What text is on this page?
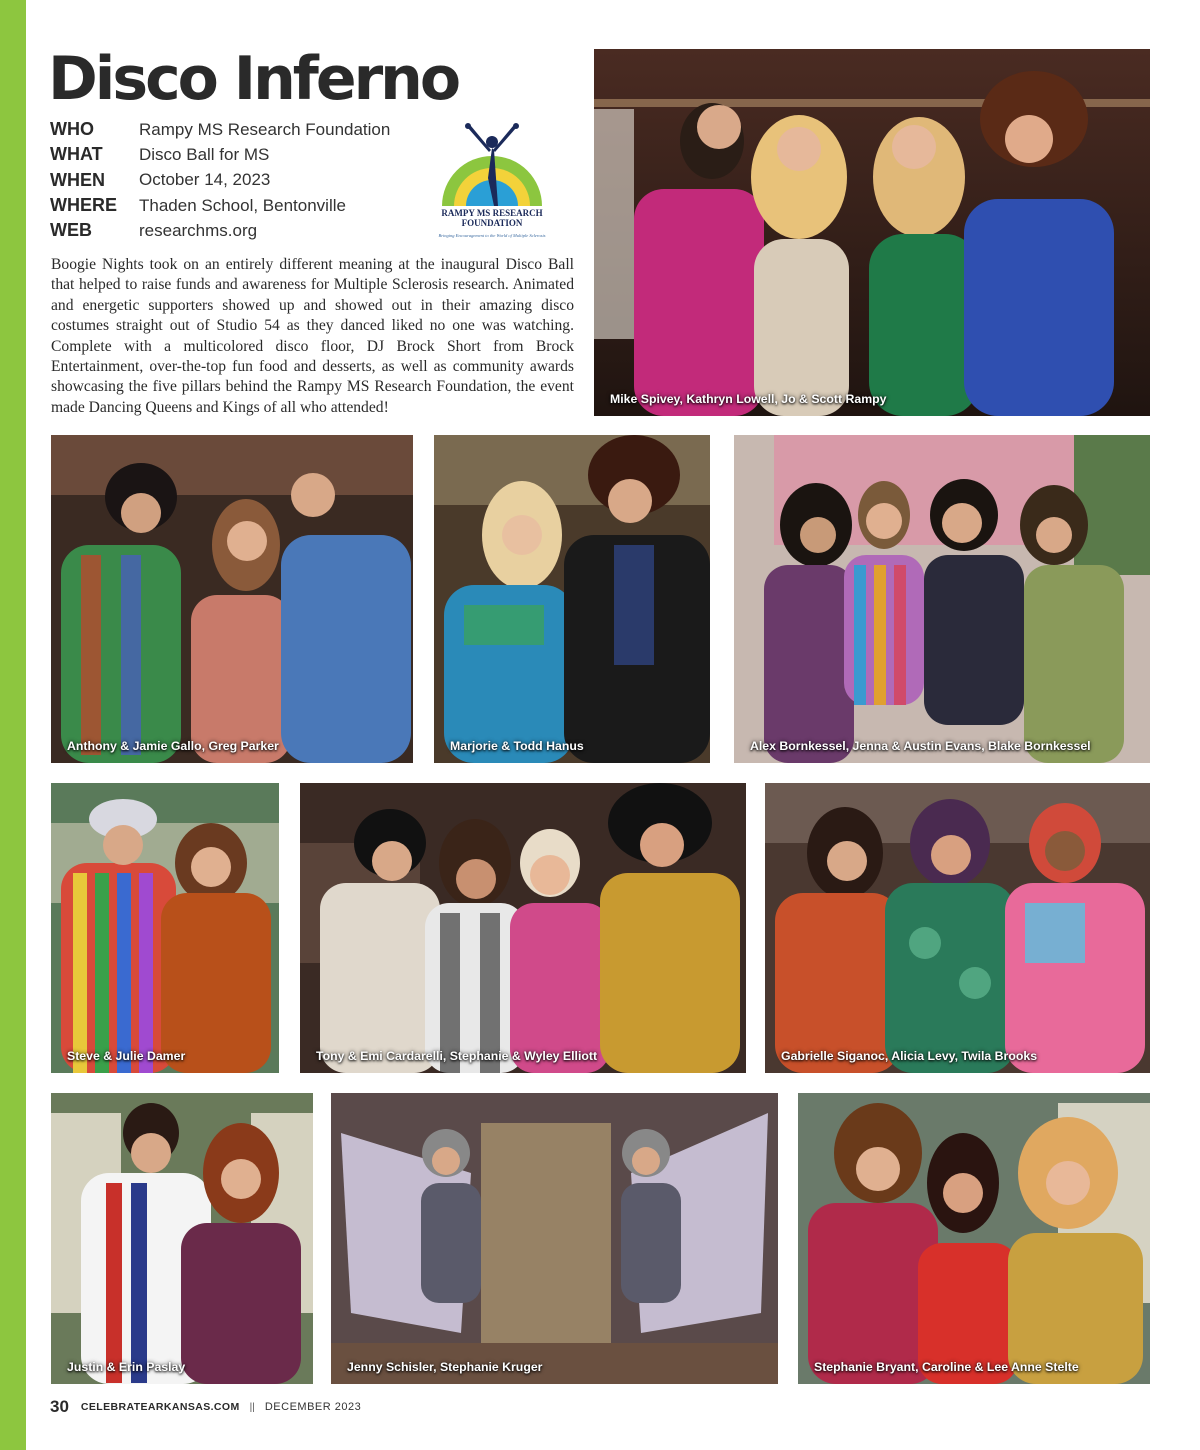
Disco Inferno
WHO	Rampy MS Research Foundation
WHAT	Disco Ball for MS
WHEN	October 14, 2023
WHERE	Thaden School, Bentonville
WEB	researchms.org
RAMPY MS RESEARCH
FOUNDATION
Bringing Encouragement to the World of Multiple Sclerosis

Boogie Nights took on an entirely different meaning at the inaugural Disco Ball that helped to raise funds and awareness for Multiple Sclerosis research. Animated and energetic supporters showed up and showed out in their amazing disco costumes straight out of Studio 54 as they danced liked no one was watching. Complete with a multicolored disco floor, DJ Brock Short from Brock Entertainment, over-the-top fun food and desserts, as well as community awards showcasing the five pillars behind the Rampy MS Research Foundation, the event made Dancing Queens and Kings of all who attended!	Mike Spivey, Kathryn Lowell, Jo & Scott Rampy
Anthony & Jamie Gallo, Greg Parker	Marjorie & Todd Hanus	Alex Bornkessel, Jenna & Austin Evans, Blake Bornkessel
Steve & Julie Damer	Tony & Emi Cardarelli, Stephanie & Wyley Elliott	Gabrielle Siganoc, Alicia Levy, Twila Brooks
Justin & Erin Paslay	Jenny Schisler, Stephanie Kruger	Stephanie Bryant, Caroline & Lee Anne Stelte
30 CELEBRATEARKANSAS.COM || DECEMBER 2023
